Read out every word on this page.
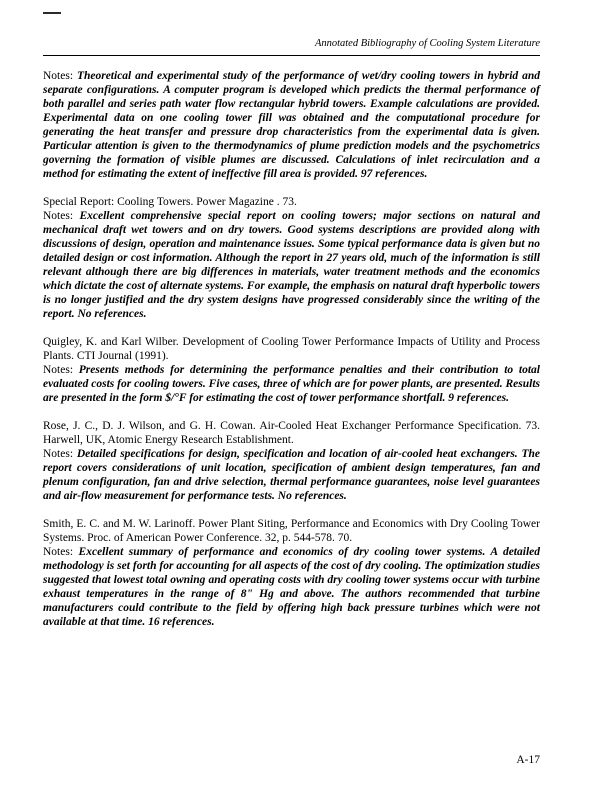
Annotated Bibliography of Cooling System Literature

Notes: Theoretical and experimental study of the performance of wet/dry cooling towers in hybrid and separate configurations. A computer program is developed which predicts the thermal performance of both parallel and series path water flow rectangular hybrid towers. Example calculations are provided. Experimental data on one cooling tower fill was obtained and the computational procedure for generating the heat transfer and pressure drop characteristics from the experimental data is given. Particular attention is given to the thermodynamics of plume prediction models and the psychometrics governing the formation of visible plumes are discussed. Calculations of inlet recirculation and a method for estimating the extent of ineffective fill area is provided. 97 references.

Special Report: Cooling Towers. Power Magazine . 73.

Notes: Excellent comprehensive special report on cooling towers; major sections on natural and mechanical draft wet towers and on dry towers. Good systems descriptions are provided along with discussions of design, operation and maintenance issues. Some typical performance data is given but no detailed design or cost information. Although the report in 27 years old, much of the information is still relevant although there are big differences in materials, water treatment methods and the economics which dictate the cost of alternate systems. For example, the emphasis on natural draft hyperbolic towers is no longer justified and the dry system designs have progressed considerably since the writing of the report. No references.

Quigley, K. and Karl Wilber. Development of Cooling Tower Performance Impacts of Utility and Process Plants. CTI Journal (1991).

Notes: Presents methods for determining the performance penalties and their contribution to total evaluated costs for cooling towers. Five cases, three of which are for power plants, are presented. Results are presented in the form $/°F for estimating the cost of tower performance shortfall. 9 references.

Rose, J. C., D. J. Wilson, and G. H. Cowan. Air-Cooled Heat Exchanger Performance Specification. 73. Harwell, UK, Atomic Energy Research Establishment.

Notes: Detailed specifications for design, specification and location of air-cooled heat exchangers. The report covers considerations of unit location, specification of ambient design temperatures, fan and plenum configuration, fan and drive selection, thermal performance guarantees, noise level guarantees and air-flow measurement for performance tests. No references.

Smith, E. C. and M. W. Larinoff. Power Plant Siting, Performance and Economics with Dry Cooling Tower Systems. Proc. of American Power Conference. 32, p. 544-578. 70.

Notes: Excellent summary of performance and economics of dry cooling tower systems. A detailed methodology is set forth for accounting for all aspects of the cost of dry cooling. The optimization studies suggested that lowest total owning and operating costs with dry cooling tower systems occur with turbine exhaust temperatures in the range of 8" Hg and above. The authors recommended that turbine manufacturers could contribute to the field by offering high back pressure turbines which were not available at that time. 16 references.

A-17
